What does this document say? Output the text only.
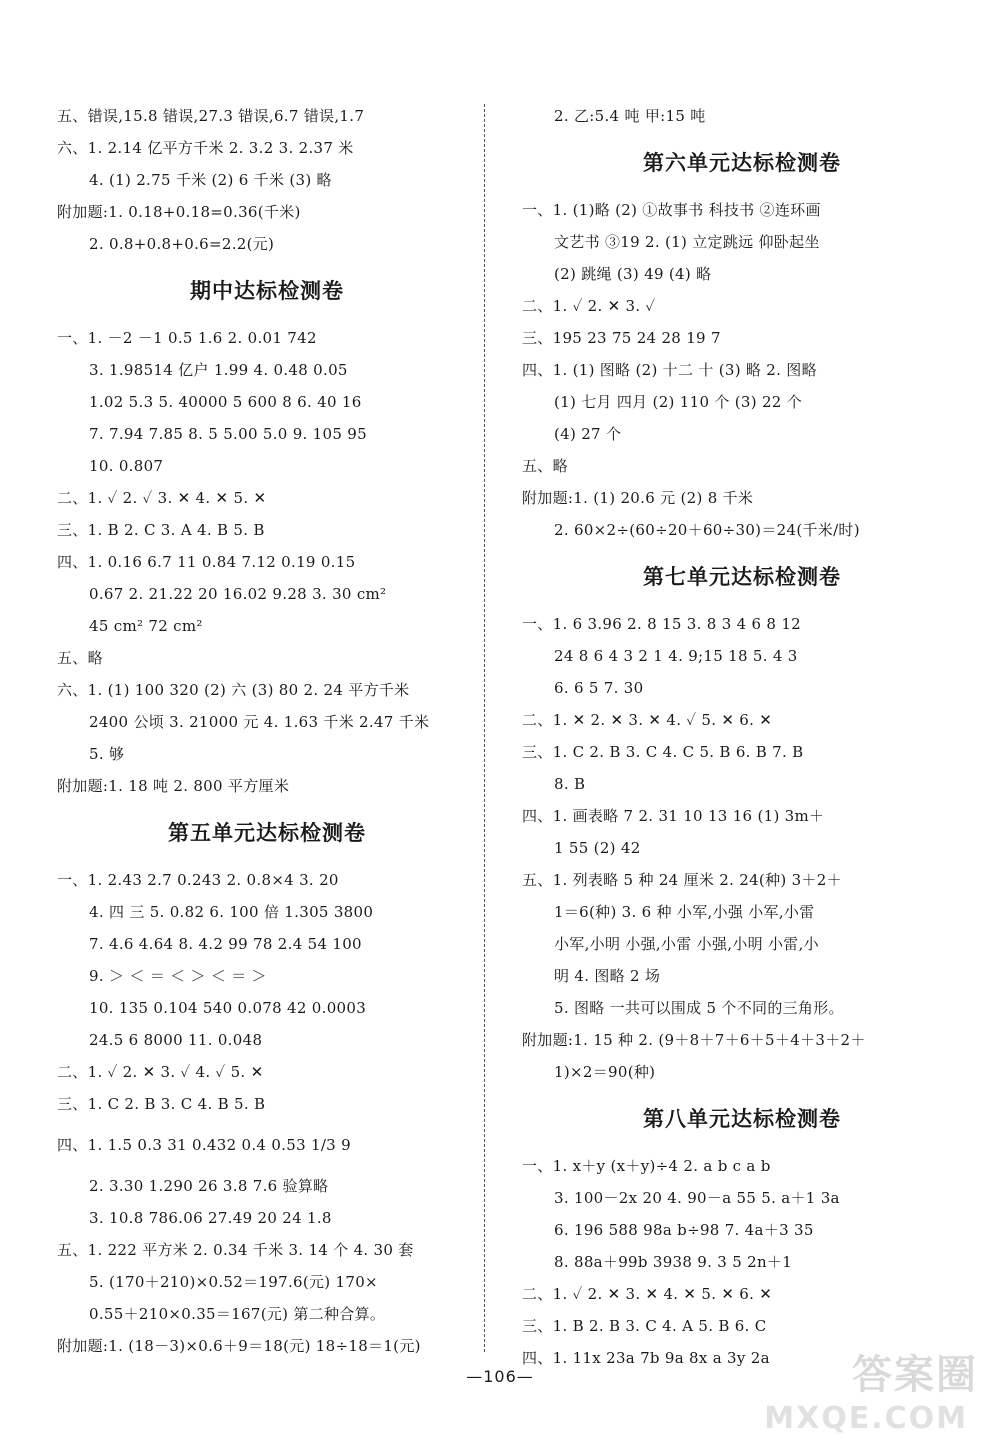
五、错误,15.8 错误,27.3 错误,6.7 错误,1.7
六、1. 2.14 亿平方千米 2. 3.2 3. 2.37 米
4. (1) 2.75 千米 (2) 6 千米 (3) 略
附加题:1. 0.18+0.18=0.36(千米)
2. 0.8+0.8+0.6=2.2(元)
期中达标检测卷
一、1. －2 －1 0.5 1.6 2. 0.01 742
3. 1.98514 亿户 1.99 4. 0.48 0.05
1.02 5.3 5. 40000 5 600 8 6. 40 16
7. 7.94 7.85 8. 5 5.00 5.0 9. 105 95
10. 0.807
二、1. ✓ 2. ✓ 3. ✕ 4. ✕ 5. ✕
三、1. B 2. C 3. A 4. B 5. B
四、1. 0.16 6.7 11 0.84 7.12 0.19 0.15
0.67 2. 21.22 20 16.02 9.28 3. 30 cm²
45 cm² 72 cm²
五、略
六、1. (1) 100 320 (2) 六 (3) 80 2. 24 平方千米
2400 公顷 3. 21000 元 4. 1.63 千米 2.47 千米
5. 够
附加题:1. 18 吨 2. 800 平方厘米
第五单元达标检测卷
一、1. 2.43 2.7 0.243 2. 0.8×4 3. 20
4. 四 三 5. 0.82 6. 100 倍 1.305 3800
7. 4.6 4.64 8. 4.2 99 78 2.4 54 100
9. ＞ ＜ ＝ ＜ ＞ ＜ ＝ ＞
10. 135 0.104 540 0.078 42 0.0003
24.5 6 8000 11. 0.048
二、1. ✓ 2. ✕ 3. ✓ 4. ✓ 5. ✕
三、1. C 2. B 3. C 4. B 5. B
四、1. 1.5 0.3 31 0.432 0.4 0.53 1/3 9
2. 3.30 1.290 26 3.8 7.6 验算略
3. 10.8 786.06 27.49 20 24 1.8
五、1. 222 平方米 2. 0.34 千米 3. 14 个 4. 30 套
5. (170＋210)×0.52＝197.6(元) 170×
0.55＋210×0.35＝167(元) 第二种合算。
附加题:1. (18－3)×0.6＋9＝18(元) 18÷18＝1(元)
2. 乙:5.4 吨 甲:15 吨
第六单元达标检测卷
一、1. (1)略 (2) ①故事书 科技书 ②连环画
文艺书 ③19 2. (1) 立定跳远 仰卧起坐
(2) 跳绳 (3) 49 (4) 略
二、1. ✓ 2. ✕ 3. ✓
三、195 23 75 24 28 19 7
四、1. (1) 图略 (2) 十二 十 (3) 略 2. 图略
(1) 七月 四月 (2) 110 个 (3) 22 个
(4) 27 个
五、略
附加题:1. (1) 20.6 元 (2) 8 千米
2. 60×2÷(60÷20＋60÷30)＝24(千米/时)
第七单元达标检测卷
一、1. 6 3.96 2. 8 15 3. 8 3 4 6 8 12
24 8 6 4 3 2 1 4. 9;15 18 5. 4 3
6. 6 5 7. 30
二、1. ✕ 2. ✕ 3. ✕ 4. ✓ 5. ✕ 6. ✕
三、1. C 2. B 3. C 4. C 5. B 6. B 7. B
8. B
四、1. 画表略 7 2. 31 10 13 16 (1) 3m＋
1 55 (2) 42
五、1. 列表略 5 种 24 厘米 2. 24(种) 3＋2＋
1＝6(种) 3. 6 种 小军,小强 小军,小雷
小军,小明 小强,小雷 小强,小明 小雷,小
明 4. 图略 2 场
5. 图略 一共可以围成 5 个不同的三角形。
附加题:1. 15 种 2. (9＋8＋7＋6＋5＋4＋3＋2＋
1)×2＝90(种)
第八单元达标检测卷
一、1. x＋y (x＋y)÷4 2. a b c a b
3. 100－2x 20 4. 90－a 55 5. a＋1 3a
6. 196 588 98a b÷98 7. 4a＋3 35
8. 88a＋99b 3938 9. 3 5 2n＋1
二、1. ✓ 2. ✕ 3. ✕ 4. ✕ 5. ✕ 6. ✕
三、1. B 2. B 3. C 4. A 5. B 6. C
四、1. 11x 23a 7b 9a 8x a 3y 2a
—106—	答案圈
MXQE.COM
